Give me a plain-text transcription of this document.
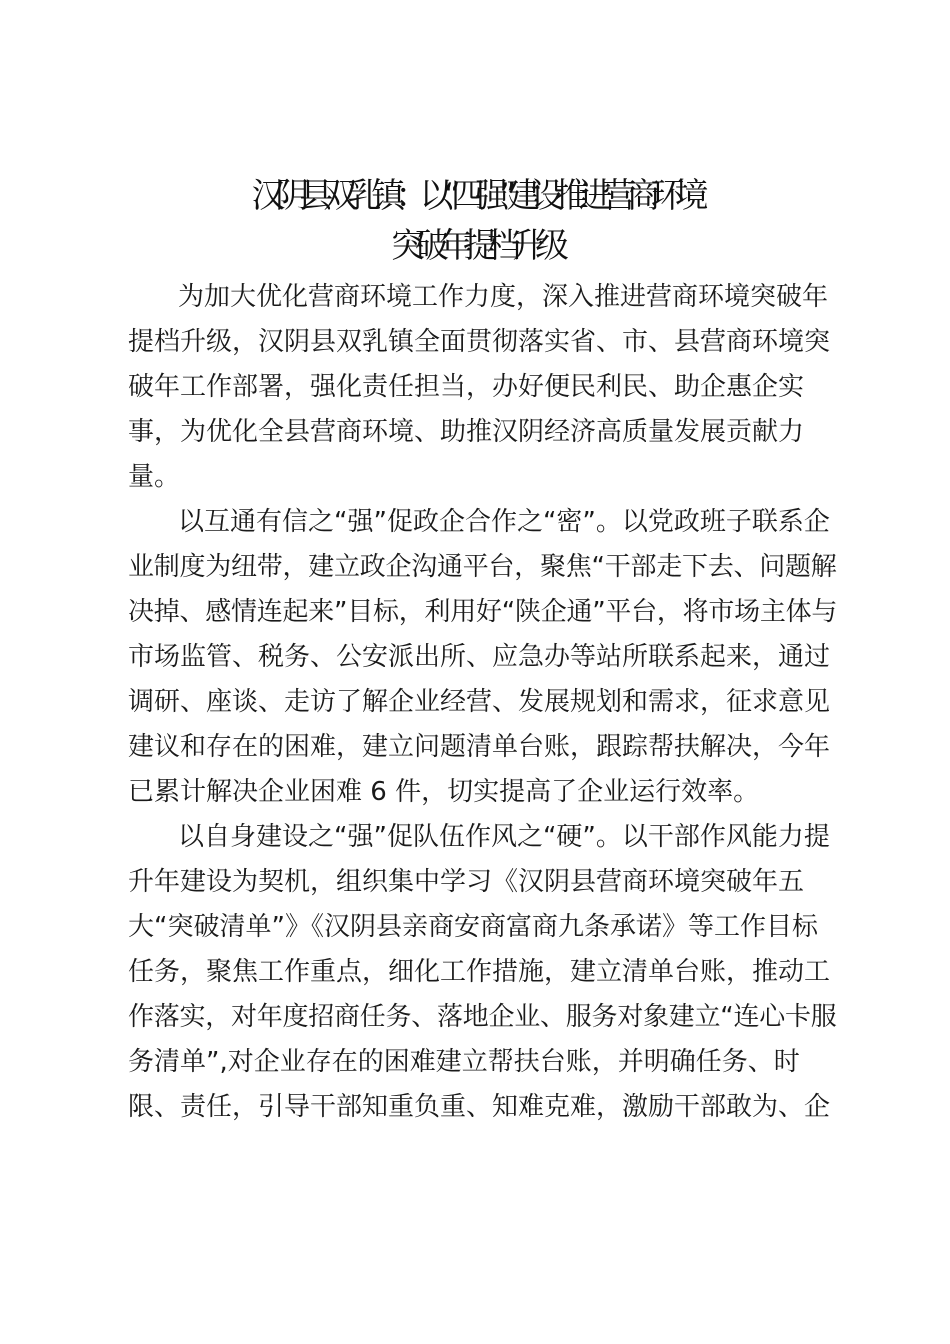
汉阴县双乳镇：以“四强”建设推进营商环境
突破年提档升级
为加大优化营商环境工作力度，深入推进营商环境突破年
提档升级，汉阴县双乳镇全面贯彻落实省、市、县营商环境突
破年工作部署，强化责任担当，办好便民利民、助企惠企实
事，为优化全县营商环境、助推汉阴经济高质量发展贡献力
量。
以互通有信之“强”促政企合作之“密”。以党政班子联系企
业制度为纽带，建立政企沟通平台，聚焦“干部走下去、问题解
决掉、感情连起来”目标，利用好“陕企通”平台，将市场主体与
市场监管、税务、公安派出所、应急办等站所联系起来，通过
调研、座谈、走访了解企业经营、发展规划和需求，征求意见
建议和存在的困难，建立问题清单台账，跟踪帮扶解决，今年
已累计解决企业困难 6 件，切实提高了企业运行效率。
以自身建设之“强”促队伍作风之“硬”。以干部作风能力提
升年建设为契机，组织集中学习《汉阴县营商环境突破年五
大“突破清单”》《汉阴县亲商安商富商九条承诺》等工作目标
任务，聚焦工作重点，细化工作措施，建立清单台账，推动工
作落实，对年度招商任务、落地企业、服务对象建立“连心卡服
务清单”,对企业存在的困难建立帮扶台账，并明确任务、时
限、责任，引导干部知重负重、知难克难，激励干部敢为、企
